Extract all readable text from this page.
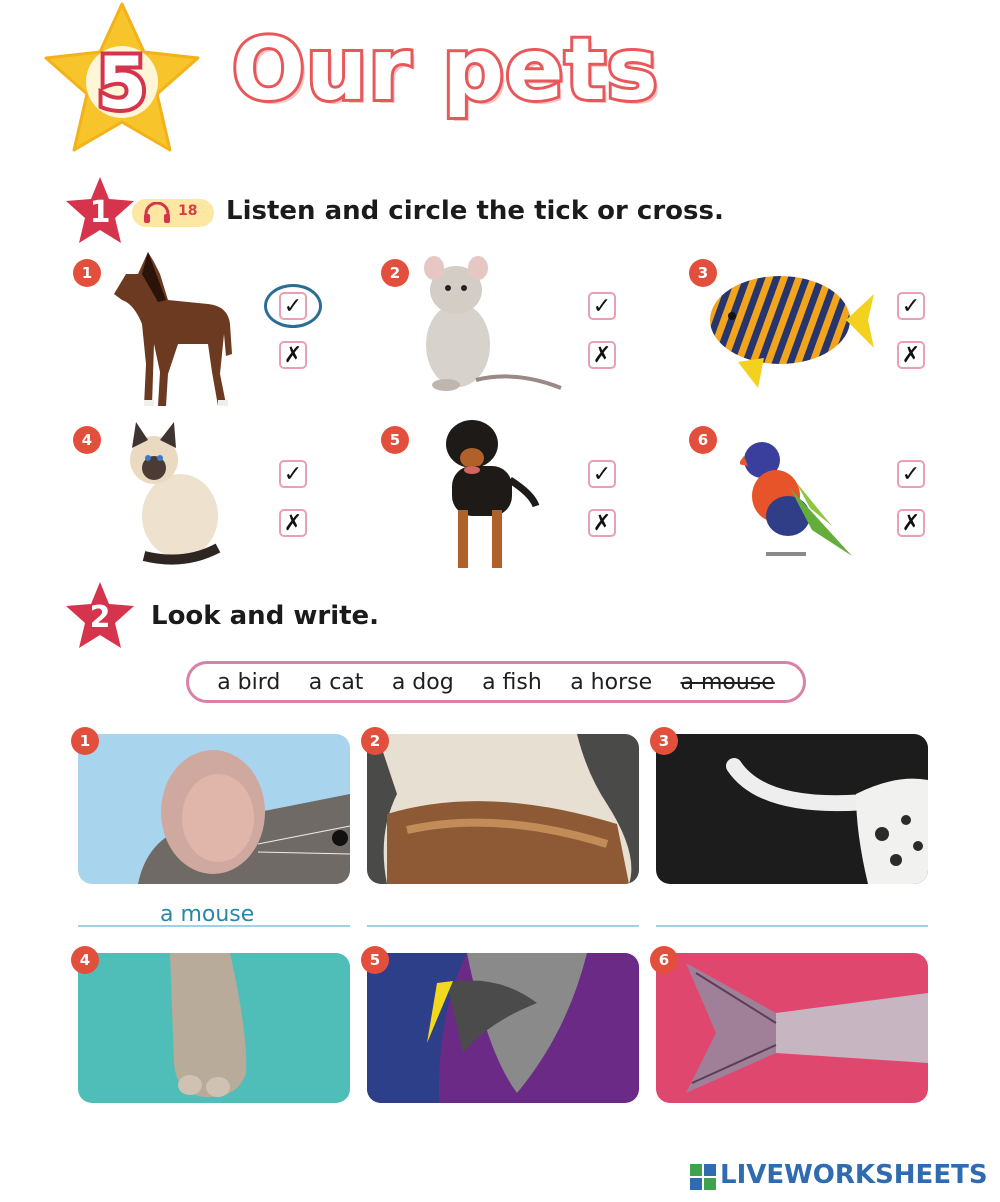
5 Our pets
1	18 Listen and circle the tick or cross.
1
✓
✗
2
✓
✗
3
✓
✗
4
✓
✗
5
✓
✗
6
✓
✗
2 Look and write.
a bird a cat a dog a fish a horse a mouse
a mouse
1	2	3
4	5	6
LIVEWORKSHEETS
